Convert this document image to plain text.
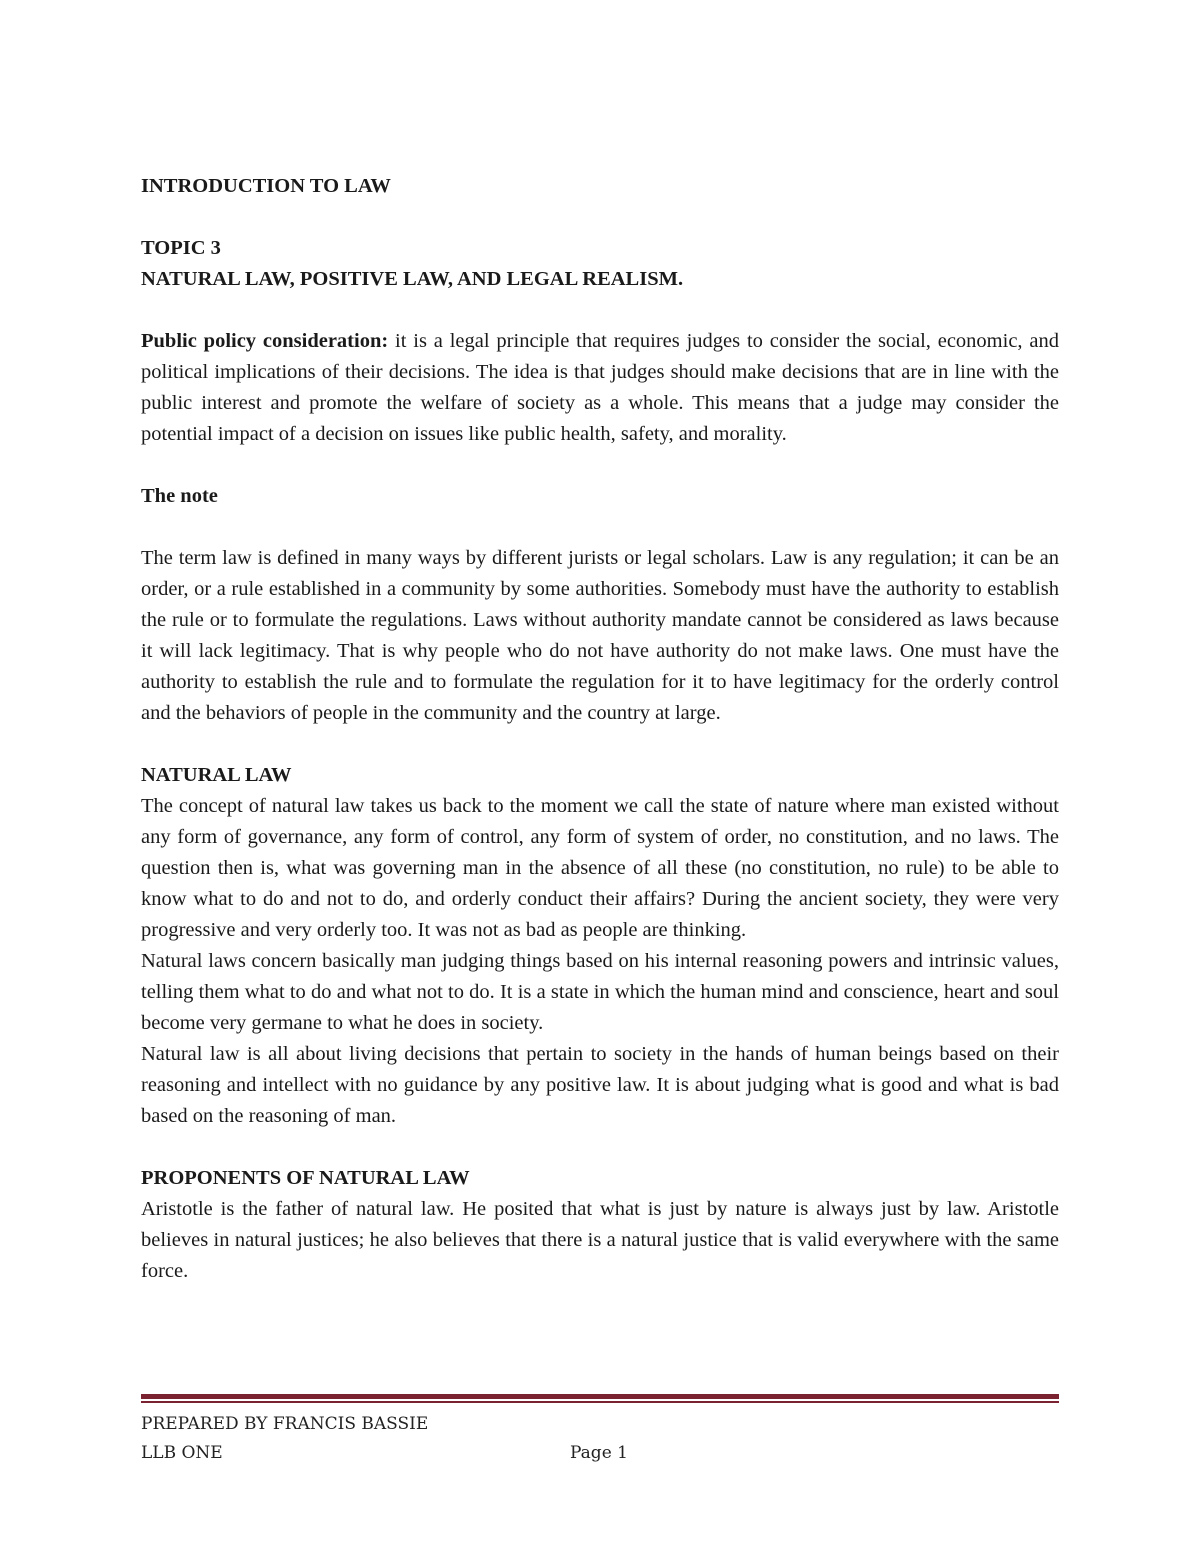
INTRODUCTION TO LAW

TOPIC 3

NATURAL LAW, POSITIVE LAW, AND LEGAL REALISM.

Public policy consideration: it is a legal principle that requires judges to consider the social, economic, and political implications of their decisions. The idea is that judges should make decisions that are in line with the public interest and promote the welfare of society as a whole. This means that a judge may consider the potential impact of a decision on issues like public health, safety, and morality.

The note

The term law is defined in many ways by different jurists or legal scholars. Law is any regulation; it can be an order, or a rule established in a community by some authorities. Somebody must have the authority to establish the rule or to formulate the regulations. Laws without authority mandate cannot be considered as laws because it will lack legitimacy. That is why people who do not have authority do not make laws. One must have the authority to establish the rule and to formulate the regulation for it to have legitimacy for the orderly control and the behaviors of people in the community and the country at large.

NATURAL LAW

The concept of natural law takes us back to the moment we call the state of nature where man existed without any form of governance, any form of control, any form of system of order, no constitution, and no laws. The question then is, what was governing man in the absence of all these (no constitution, no rule) to be able to know what to do and not to do, and orderly conduct their affairs? During the ancient society, they were very progressive and very orderly too. It was not as bad as people are thinking.

Natural laws concern basically man judging things based on his internal reasoning powers and intrinsic values, telling them what to do and what not to do. It is a state in which the human mind and conscience, heart and soul become very germane to what he does in society.

Natural law is all about living decisions that pertain to society in the hands of human beings based on their reasoning and intellect with no guidance by any positive law. It is about judging what is good and what is bad based on the reasoning of man.

PROPONENTS OF NATURAL LAW

Aristotle is the father of natural law. He posited that what is just by nature is always just by law. Aristotle believes in natural justices; he also believes that there is a natural justice that is valid everywhere with the same force.

PREPARED BY FRANCIS BASSIE
LLB ONE	Page 1
